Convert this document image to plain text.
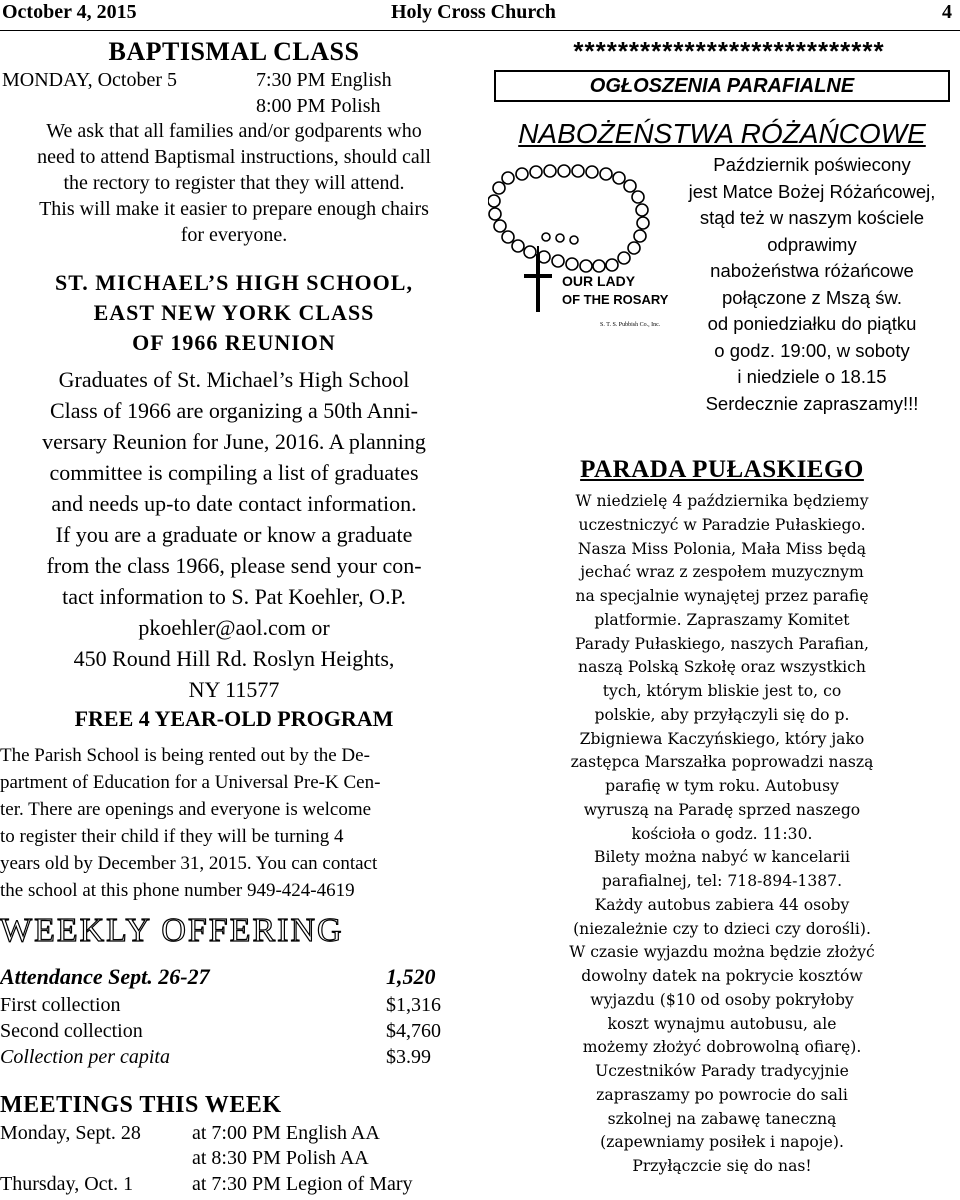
October 4, 2015	Holy Cross Church	4
BAPTISMAL CLASS
MONDAY, October 5	7:30 PM English
8:00 PM Polish
We ask that all families and/or godparents who
need to attend Baptismal instructions, should call
the rectory to register that they will attend.
This will make it easier to prepare enough chairs
for everyone.
ST. MICHAEL’S HIGH SCHOOL,
EAST NEW YORK CLASS
OF 1966 REUNION
Graduates of St. Michael’s High School
Class of 1966 are organizing a 50th Anni-
versary Reunion for June, 2016. A planning
committee is compiling a list of graduates
and needs up-to date contact information.
If you are a graduate or know a graduate
from the class 1966, please send your con-
tact information to S. Pat Koehler, O.P.
pkoehler@aol.com or
450 Round Hill Rd. Roslyn Heights,
NY 11577
FREE 4 YEAR-OLD PROGRAM
The Parish School is being rented out by the De-
partment of Education for a Universal Pre-K Cen-
ter. There are openings and everyone is welcome
to register their child if they will be turning 4
years old by December 31, 2015. You can contact
the school at this phone number 949-424-4619
WEEKLY OFFERING
Attendance Sept. 26-27	1,520
First collection	$1,316
Second collection	$4,760
Collection per capita	$3.99
MEETINGS THIS WEEK
Monday, Sept. 28	at 7:00 PM English AA
at 8:30 PM Polish AA
Thursday, Oct. 1	at 7:30 PM Legion of Mary
****************************
OGŁOSZENIA PARAFIALNE
NABOŻEŃSTWA RÓŻAŃCOWE
OUR LADY
OF THE ROSARY
S. T. S. Pubbish Co., Inc.
Październik poświecony
jest Matce Bożej Różańcowej,
stąd też w naszym kościele
odprawimy
nabożeństwa różańcowe
połączone z Mszą św.
od poniedziałku do piątku
o godz. 19:00, w soboty
i niedziele o 18.15
Serdecznie zapraszamy!!!
PARADA PUŁASKIEGO
W niedzielę 4 października będziemy
uczestniczyć w Paradzie Pułaskiego.
Nasza Miss Polonia, Mała Miss będą
jechać wraz z zespołem muzycznym
na specjalnie wynajętej przez parafię
platformie. Zapraszamy Komitet
Parady Pułaskiego, naszych Parafian,
naszą Polską Szkołę oraz wszystkich
tych, którym bliskie jest to, co
polskie, aby przyłączyli się do p.
Zbigniewa Kaczyńskiego, który jako
zastępca Marszałka poprowadzi naszą
parafię w tym roku. Autobusy
wyruszą na Paradę sprzed naszego
kościoła o godz. 11:30.
Bilety można nabyć w kancelarii
parafialnej, tel: 718-894-1387.
Każdy autobus zabiera 44 osoby
(niezależnie czy to dzieci czy dorośli).
W czasie wyjazdu można będzie złożyć
dowolny datek na pokrycie kosztów
wyjazdu ($10 od osoby pokryłoby
koszt wynajmu autobusu, ale
możemy złożyć dobrowolną ofiarę).
Uczestników Parady tradycyjnie
zapraszamy po powrocie do sali
szkolnej na zabawę taneczną
(zapewniamy posiłek i napoje).
Przyłączcie się do nas!
